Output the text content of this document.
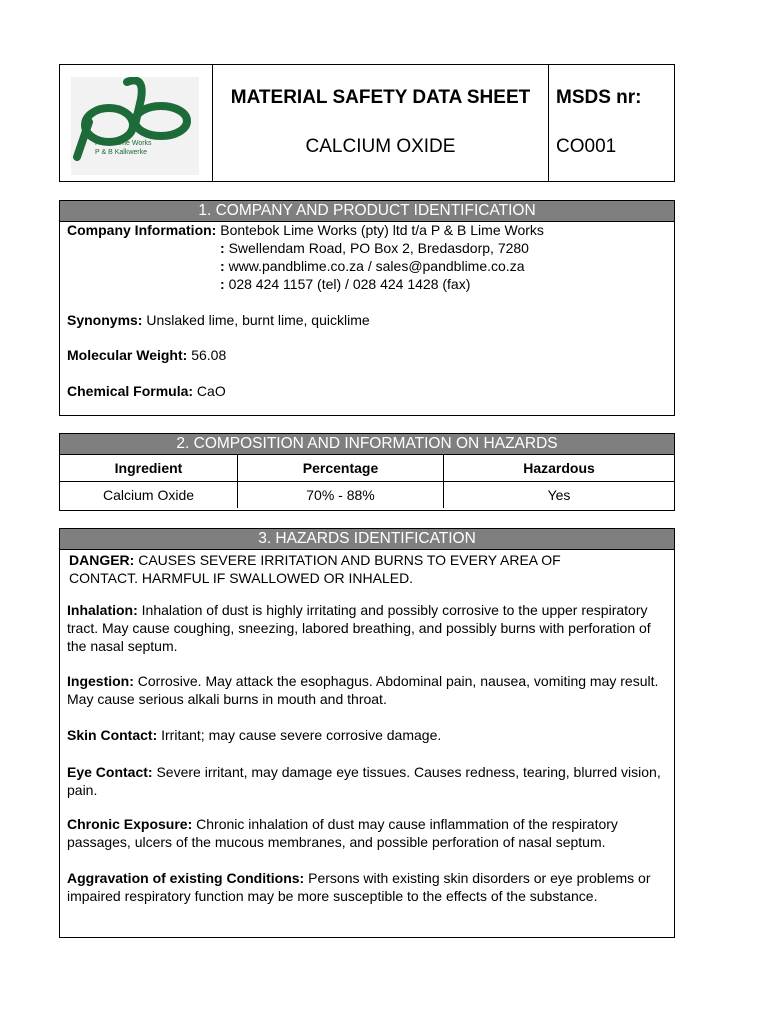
P & B Lime Works
P & B Kalkwerke
MATERIAL SAFETY DATA SHEET
CALCIUM OXIDE
MSDS nr:
CO001
1. COMPANY AND PRODUCT IDENTIFICATION
Company Information: Bontebok Lime Works (pty) ltd t/a P & B Lime Works
: Swellendam Road, PO Box 2, Bredasdorp, 7280
: www.pandblime.co.za / sales@pandblime.co.za
: 028 424 1157 (tel) / 028 424 1428 (fax)
Synonyms: Unslaked lime, burnt lime, quicklime
Molecular Weight: 56.08
Chemical Formula: CaO
2. COMPOSITION AND INFORMATION ON HAZARDS
Ingredient	Percentage	Hazardous
Calcium Oxide	70% - 88%	Yes
3. HAZARDS IDENTIFICATION
DANGER: CAUSES SEVERE IRRITATION AND BURNS TO EVERY AREA OF
CONTACT. HARMFUL IF SWALLOWED OR INHALED.
Inhalation: Inhalation of dust is highly irritating and possibly corrosive to the upper respiratory tract. May cause coughing, sneezing, labored breathing, and possibly burns with perforation of the nasal septum.
Ingestion: Corrosive. May attack the esophagus. Abdominal pain, nausea, vomiting may result. May cause serious alkali burns in mouth and throat.
Skin Contact: Irritant; may cause severe corrosive damage.
Eye Contact: Severe irritant, may damage eye tissues. Causes redness, tearing, blurred vision, pain.
Chronic Exposure: Chronic inhalation of dust may cause inflammation of the respiratory passages, ulcers of the mucous membranes, and possible perforation of nasal septum.
Aggravation of existing Conditions: Persons with existing skin disorders or eye problems or impaired respiratory function may be more susceptible to the effects of the substance.
